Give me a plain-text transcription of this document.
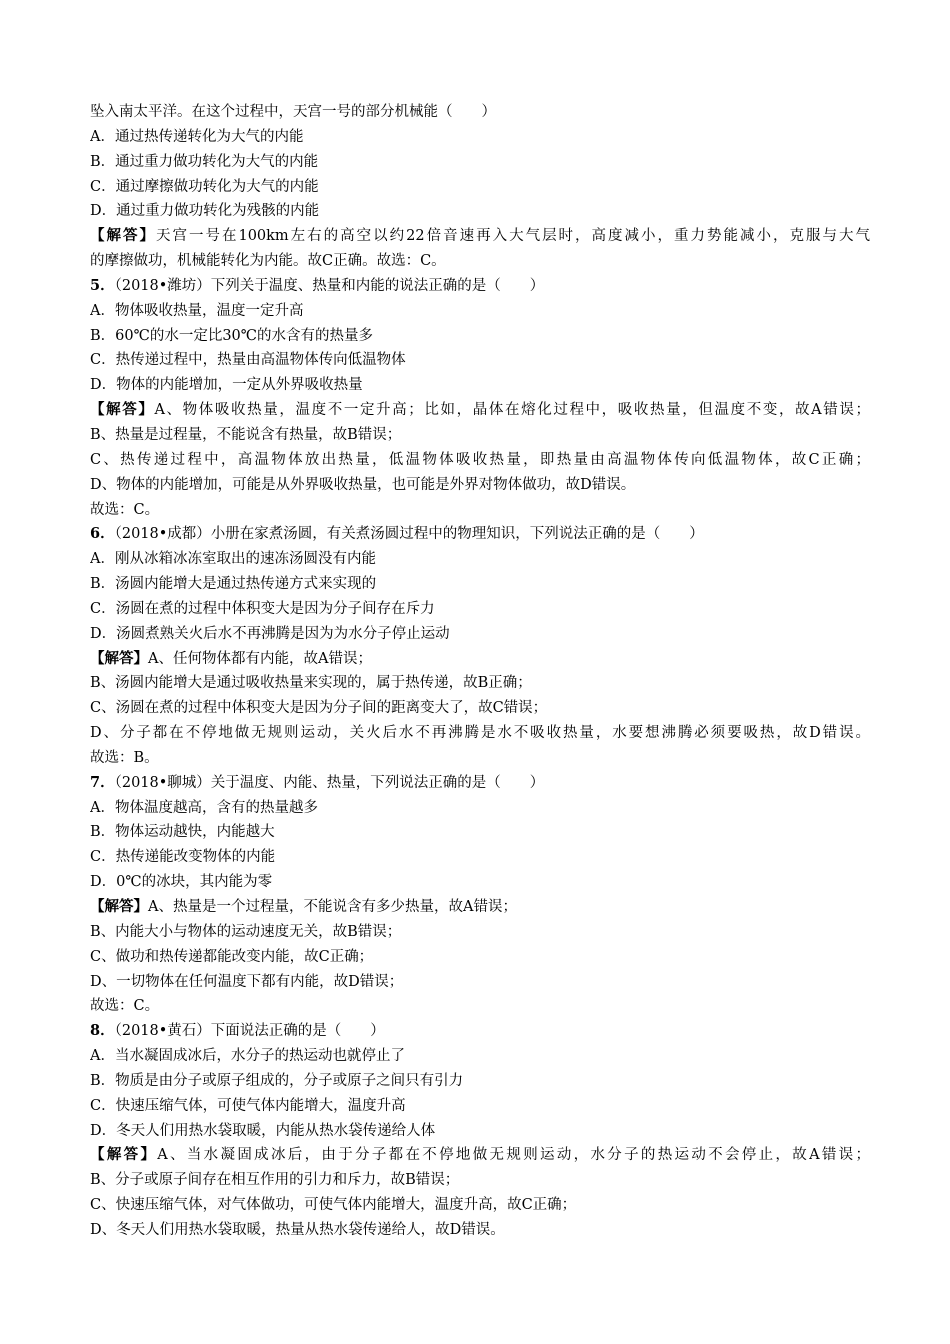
坠入南太平洋。在这个过程中，天宫一号的部分机械能（　　）
A．通过热传递转化为大气的内能
B．通过重力做功转化为大气的内能
C．通过摩擦做功转化为大气的内能
D．通过重力做功转化为残骸的内能
【解答】天宫一号在100km左右的高空以约22倍音速再入大气层时，高度减小，重力势能减小，克服与大气
的摩擦做功，机械能转化为内能。故C正确。故选：C。
5．（2018•潍坊）下列关于温度、热量和内能的说法正确的是（　　）
A．物体吸收热量，温度一定升高
B．60℃的水一定比30℃的水含有的热量多
C．热传递过程中，热量由高温物体传向低温物体
D．物体的内能增加，一定从外界吸收热量
【解答】A、物体吸收热量，温度不一定升高；比如，晶体在熔化过程中，吸收热量，但温度不变，故A错误；
B、热量是过程量，不能说含有热量，故B错误；
C、热传递过程中，高温物体放出热量，低温物体吸收热量，即热量由高温物体传向低温物体，故C正确；
D、物体的内能增加，可能是从外界吸收热量，也可能是外界对物体做功，故D错误。
故选：C。
6．（2018•成都）小册在家煮汤圆，有关煮汤圆过程中的物理知识，下列说法正确的是（　　）
A．刚从冰箱冰冻室取出的速冻汤圆没有内能
B．汤圆内能增大是通过热传递方式来实现的
C．汤圆在煮的过程中体积变大是因为分子间存在斥力
D．汤圆煮熟关火后水不再沸腾是因为为水分子停止运动
【解答】A、任何物体都有内能，故A错误；
B、汤圆内能增大是通过吸收热量来实现的，属于热传递，故B正确；
C、汤圆在煮的过程中体积变大是因为分子间的距离变大了，故C错误；
D、分子都在不停地做无规则运动，关火后水不再沸腾是水不吸收热量，水要想沸腾必须要吸热，故D错误。
故选：B。
7．（2018•聊城）关于温度、内能、热量，下列说法正确的是（　　）
A．物体温度越高，含有的热量越多
B．物体运动越快，内能越大
C．热传递能改变物体的内能
D．0℃的冰块，其内能为零
【解答】A、热量是一个过程量，不能说含有多少热量，故A错误；
B、内能大小与物体的运动速度无关，故B错误；
C、做功和热传递都能改变内能，故C正确；
D、一切物体在任何温度下都有内能，故D错误；
故选：C。
8．（2018•黄石）下面说法正确的是（　　）
A．当水凝固成冰后，水分子的热运动也就停止了
B．物质是由分子或原子组成的，分子或原子之间只有引力
C．快速压缩气体，可使气体内能增大，温度升高
D．冬天人们用热水袋取暖，内能从热水袋传递给人体
【解答】A、当水凝固成冰后，由于分子都在不停地做无规则运动，水分子的热运动不会停止，故A错误；
B、分子或原子间存在相互作用的引力和斥力，故B错误；
C、快速压缩气体，对气体做功，可使气体内能增大，温度升高，故C正确；
D、冬天人们用热水袋取暖，热量从热水袋传递给人，故D错误。
